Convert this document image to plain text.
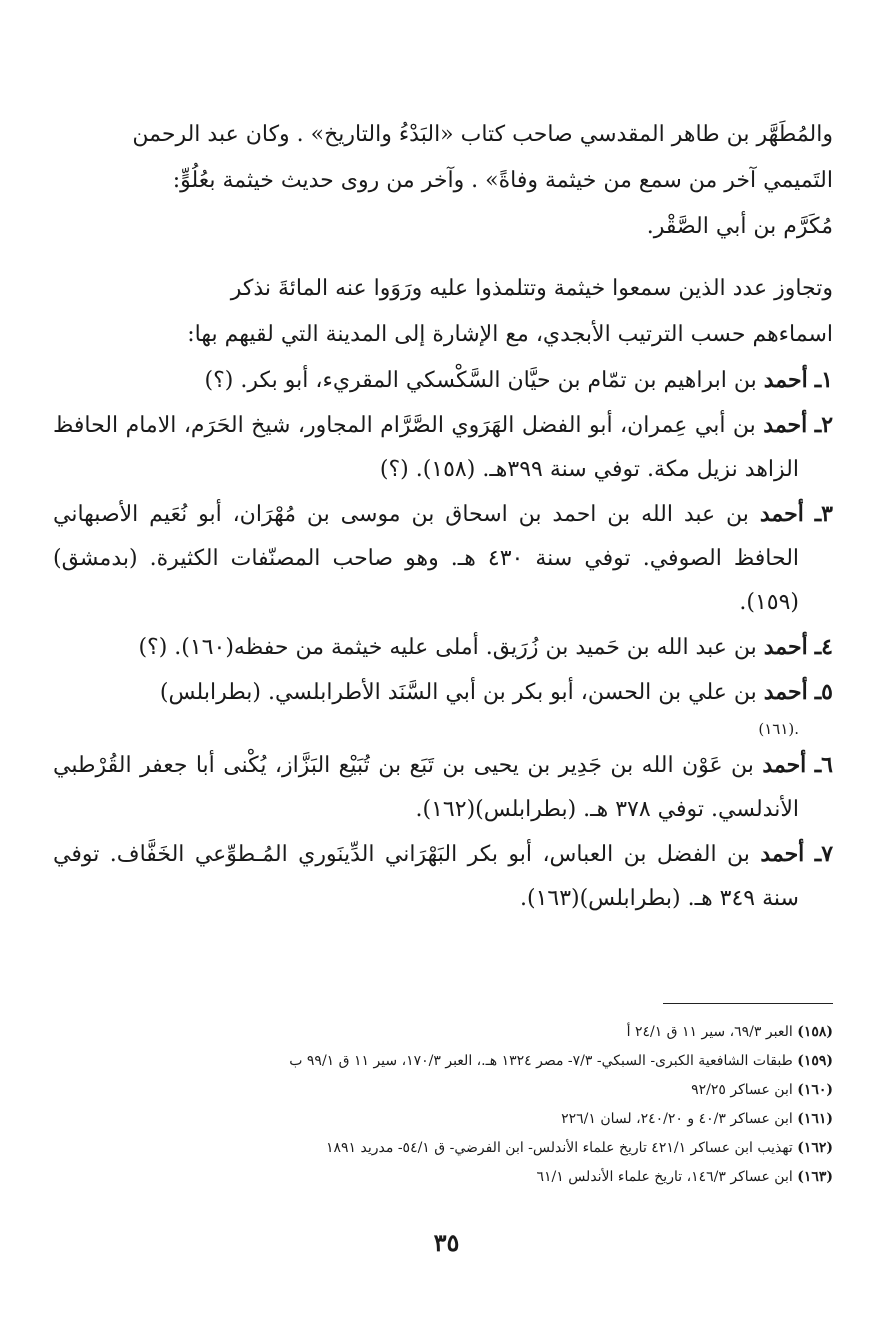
والمُطَهَّر بن طاهر المقدسي صاحب كتاب «البَدْءُ والتاريخ» . وكان عبد الرحمن

التَميمي آخر من سمع من خيثمة وفاةً» . وآخر من روى حديث خيثمة بعُلُوٍّ:

مُكَرَّم بن أبي الصَّقْر.

وتجاوز عدد الذين سمعوا خيثمة وتتلمذوا عليه ورَوَوا عنه المائةَ نذكر

اسماءهم حسب الترتيب الأبجدي، مع الإشارة إلى المدينة التي لقيهم بها:

١ـ أحمد بن ابراهيم بن تمّام بن حيَّان السَّكْسكي المقريء، أبو بكر. (؟)

٢ـ أحمد بن أبي عِمران، أبو الفضل الهَرَوي الصَّرَّام المجاور، شيخ الحَرَم، الامام الحافظ الزاهد نزيل مكة. توفي سنة ٣٩٩هـ. (١٥٨). (؟)

٣ـ أحمد بن عبد الله بن احمد بن اسحاق بن موسى بن مُهْرَان، أبو نُعَيم الأصبهاني الحافظ الصوفي. توفي سنة ٤٣٠ هـ. وهو صاحب المصنّفات الكثيرة. (بدمشق)(١٥٩).

٤ـ أحمد بن عبد الله بن حَميد بن زُرَيق. أملى عليه خيثمة من حفظه(١٦٠). (؟)

٥ـ أحمد بن علي بن الحسن، أبو بكر بن أبي السَّنَد الأطرابلسي. (بطرابلس)

.(١٦١)

٦ـ أحمد بن عَوْن الله بن جَدِير بن يحيى بن تَبَع بن تُبَيْع البَزَّاز، يُكْنى أبا جعفر القُرْطبي الأندلسي. توفي ٣٧٨ هـ. (بطرابلس)(١٦٢).

٧ـ أحمد بن الفضل بن العباس، أبو بكر البَهْرَاني الدِّينَوري المُـطوِّعي الخَفَّاف. توفي سنة ٣٤٩ هـ. (بطرابلس)(١٦٣).

(١٥٨) العبر ٦٩/٣، سير ١١ ق ٢٤/١ أ

(١٥٩) طبقات الشافعية الكبرى- السبكي- ٧/٣- مصر ١٣٢٤ هـ.، العبر ١٧٠/٣، سير ١١ ق ٩٩/١ ب

(١٦٠) ابن عساكر ٩٢/٢٥

(١٦١) ابن عساكر ٤٠/٣ و ٢٤٠/٢٠، لسان ٢٢٦/١

(١٦٢) تهذيب ابن عساكر ٤٢١/١ تاريخ علماء الأندلس- ابن الفرضي- ق ٥٤/١- مدريد ١٨٩١

(١٦٣) ابن عساكر ١٤٦/٣، تاريخ علماء الأندلس ٦١/١

٣٥
